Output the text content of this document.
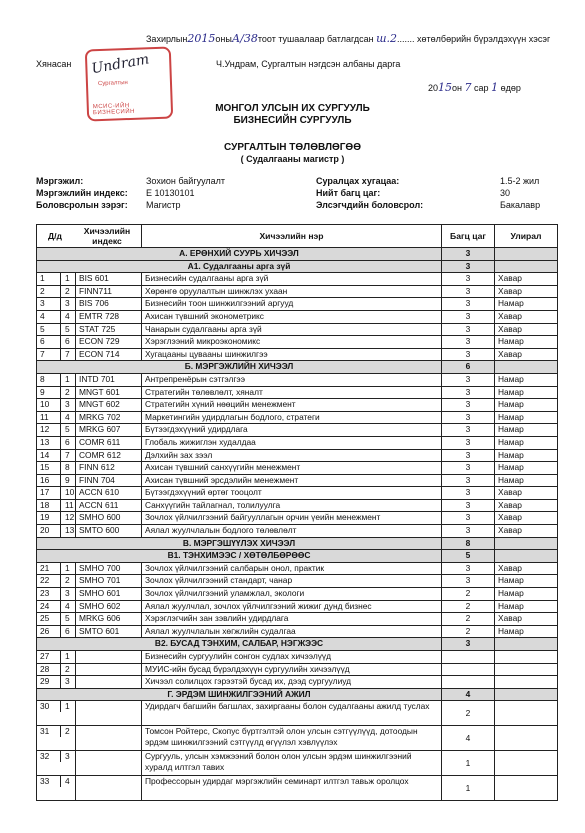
Захирлын2015оныА/38тоот тушаалаар батлагдсан ш.2....... хөтөлбөрийн бүрэлдэхүүн хэсэг
Хянасан Undram
Сургалтын
МСИС-ИЙН БИЗНЕСИЙН
Ч.Ундрам, Сургалтын нэгдсэн албаны дарга
2015он 7 сар 1 өдөр
МОНГОЛ УЛСЫН ИХ СУРГУУЛЬ
БИЗНЕСИЙН СУРГУУЛЬ
СУРГАЛТЫН ТӨЛӨВЛӨГӨӨ
( Судалгааны магистр )
Мэргэжил:	Зохион байгуулалт
Мэргэжлийн индекс: Е 10130101
Боловсролын зэрэг: Магистр
Суралцах хугацаа:	1.5-2 жил
Нийт багц цаг:	30
Элсэгчдийн боловсрол:	Бакалавр
Д/д Хичээлийн индекс		Хичээлийн нэр	Багц цаг	Улирал
А. ЕРӨНХИЙ СУУРЬ ХИЧЭЭЛ			3	
А1. Судалгааны арга зүй			3	

1 1	BIS 601	Бизнесийн судалгааны арга зүй	3	Хавар

2 2	FINN711	Хөрөнгө оруулалтын шинжлэх ухаан	3	Хавар

3 3	BIS 706	Бизнесийн тоон шинжилгээний аргууд	3	Намар

4 4	EMTR 728	Ахисан түвшний эконометрикс	3	Хавар

5 5	STAT 725	Чанарын судалгааны арга зүй	3	Хавар

6 6	ECON 729	Хэрэглээний микроэкономикс	3	Намар

7 7	ECON 714	Хугацааны цувааны шинжилгээ	3	Хавар
Б. МЭРГЭЖЛИЙН ХИЧЭЭЛ			6	

8 1	INTD 701	Антрепренёрын сэтгэлгээ	3	Намар

9 2	MNGT 601	Стратегийн төлөвлөлт, хяналт	3	Намар

10 3	MNGT 602	Стратегийн хүний нөөцийн менежмент	3	Намар

11 4	MRKG 702	Маркетингийн удирдлагын бодлого, стратеги	3	Намар

12 5	MRKG 607	Бүтээгдэхүүний удирдлага	3	Намар

13 6	COMR 611	Глобаль жижиглэн худалдаа	3	Намар

14 7	COMR 612	Дэлхийн зах зээл	3	Намар

15 8	FINN 612	Ахисан түвшний санхүүгийн менежмент	3	Намар

16 9	FINN 704	Ахисан түвшний эрсдэлийн менежмент	3	Намар

17 10	ACCN 610	Бүтээгдэхүүний өртөг тооцолт	3	Хавар

18 11	ACCN 611	Санхүүгийн тайлагнал, толилуулга	3	Хавар

19 12	SMHO 600	Зочлох үйлчилгээний байгууллагын орчин үеийн менежмент	3	Хавар

20 13	SMTO 600	Аялал жуулчлалын бодлого төлөвлөлт	3	Хавар
В. МЭРГЭШҮҮЛЭХ ХИЧЭЭЛ			8	
В1. ТЭНХИМЭЭС / ХӨТӨЛБӨРӨӨС			5	

21 1	SMHO 700	Зочлох үйлчилгээний салбарын онол, практик	3	Хавар

22 2	SMHO 701	Зочлох үйлчилгээний стандарт, чанар	3	Намар

23 3	SMHO 601	Зочлох үйлчилгээний уламжлал, экологи	2	Намар

24 4	SMHO 602	Аялал жуулчлал, зочлох үйлчилгээний жижиг дунд бизнес	2	Намар

25 5	MRKG 606	Хэрэглэгчийн зан зэвлийн удирдлага	2	Хавар

26 6	SMTO 601	Аялал жуулчлалын хөгжлийн судалгаа	2	Намар
В2. БУСАД ТЭНХИМ, САЛБАР, НЭГЖЭЭС			3	

27 1		Бизнесийн сургуулийн сонгон судлах хичээлүүд		

28 2		МУИС-ийн бусад бүрэлдэхүүн сургуулийн хичээлүүд		

29 3		Хичээл солилцох гэрээтэй бусад их, дээд сургуулиуд		
Г. ЭРДЭМ ШИНЖИЛГЭЭНИЙ АЖИЛ			4	

30 1		Удирдагч багшийн багшлах, захиргааны болон судалгааны ажилд туслах	2	

31 2		Томсон Ройтерс, Скопус бүртгэлтэй олон улсын сэтгүүлүүд, дотоодын эрдэм шинжилгээний сэтгүүлд өгүүлэл хэвлүүлэх	4	

32 3		Сургууль, улсын хэмжээний болон олон улсын эрдэм шинжилгээний хуралд илтгэл тавих	1	

33 4		Профессорын удирдаг мэргэжлийн семинарт илтгэл тавьж оролцох	1	
